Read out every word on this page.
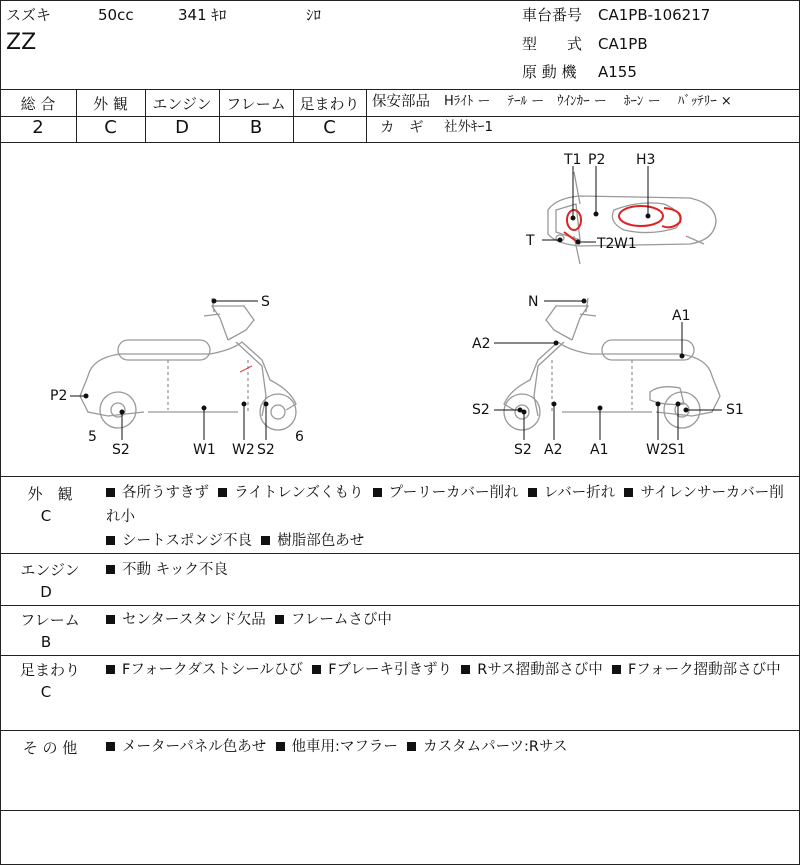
スズキ	50cc	341 ｷﾛ	ｼﾛ
ZZ
車台番号 CA1PB-106217
型　　式 CA1PB
原 動 機 A155
総 合	外 観	エンジン フレーム 足まわり
2	C	D	B	C
保安部品 Hﾗｲﾄ ー　 ﾃｰﾙ ー　ｳｲﾝｶｰ ー　 ﾎｰﾝ ー　 ﾊﾞｯﾃﾘｰ ×
カ　ギ 社外ｷｰ1
T1 P2 H3
T	T2 W1
S
P2
5
S2	W1 W2 S2
6
N
A1
A2
S2	S1
S2 A2 A1	W2 S1
外　観
C
各所うすきず ライトレンズくもり プーリーカバー削れ レバー折れ サイレンサーカバー削れ小
シートスポンジ不良 樹脂部色あせ
エンジン
D
不動 キック不良
フレーム
B
センタースタンド欠品 フレームさび中
足まわり
C
Fフォークダストシールひび Fブレーキ引きずり Rサス摺動部さび中 Fフォーク摺動部さび中
そ の 他	メーターパネル色あせ 他車用:マフラー カスタムパーツ:Rサス
